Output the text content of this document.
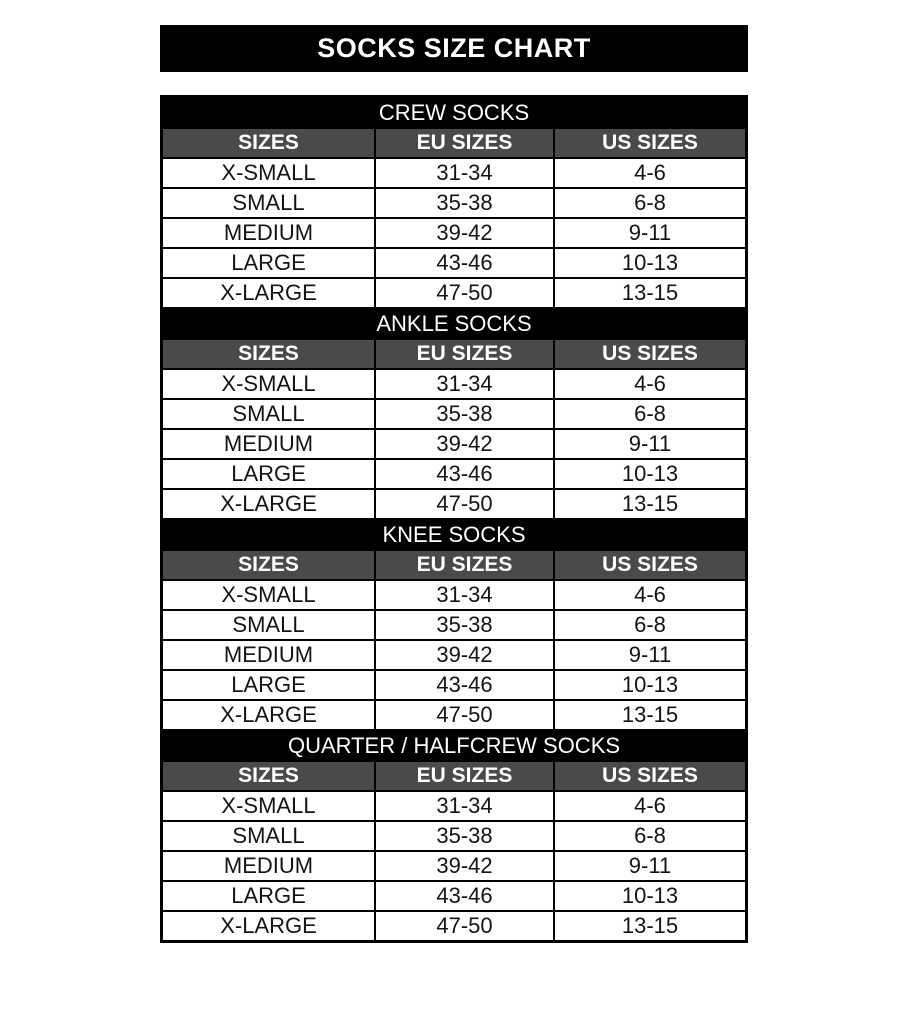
SOCKS SIZE CHART
CREW SOCKS		
SIZES	EU SIZES	US SIZES
X-SMALL	31-34	4-6
SMALL	35-38	6-8
MEDIUM	39-42	9-11
LARGE	43-46	10-13
X-LARGE	47-50	13-15
ANKLE SOCKS		
SIZES	EU SIZES	US SIZES
X-SMALL	31-34	4-6
SMALL	35-38	6-8
MEDIUM	39-42	9-11
LARGE	43-46	10-13
X-LARGE	47-50	13-15
KNEE SOCKS		
SIZES	EU SIZES	US SIZES
X-SMALL	31-34	4-6
SMALL	35-38	6-8
MEDIUM	39-42	9-11
LARGE	43-46	10-13
X-LARGE	47-50	13-15
QUARTER / HALFCREW SOCKS		
SIZES	EU SIZES	US SIZES
X-SMALL	31-34	4-6
SMALL	35-38	6-8
MEDIUM	39-42	9-11
LARGE	43-46	10-13
X-LARGE	47-50	13-15
